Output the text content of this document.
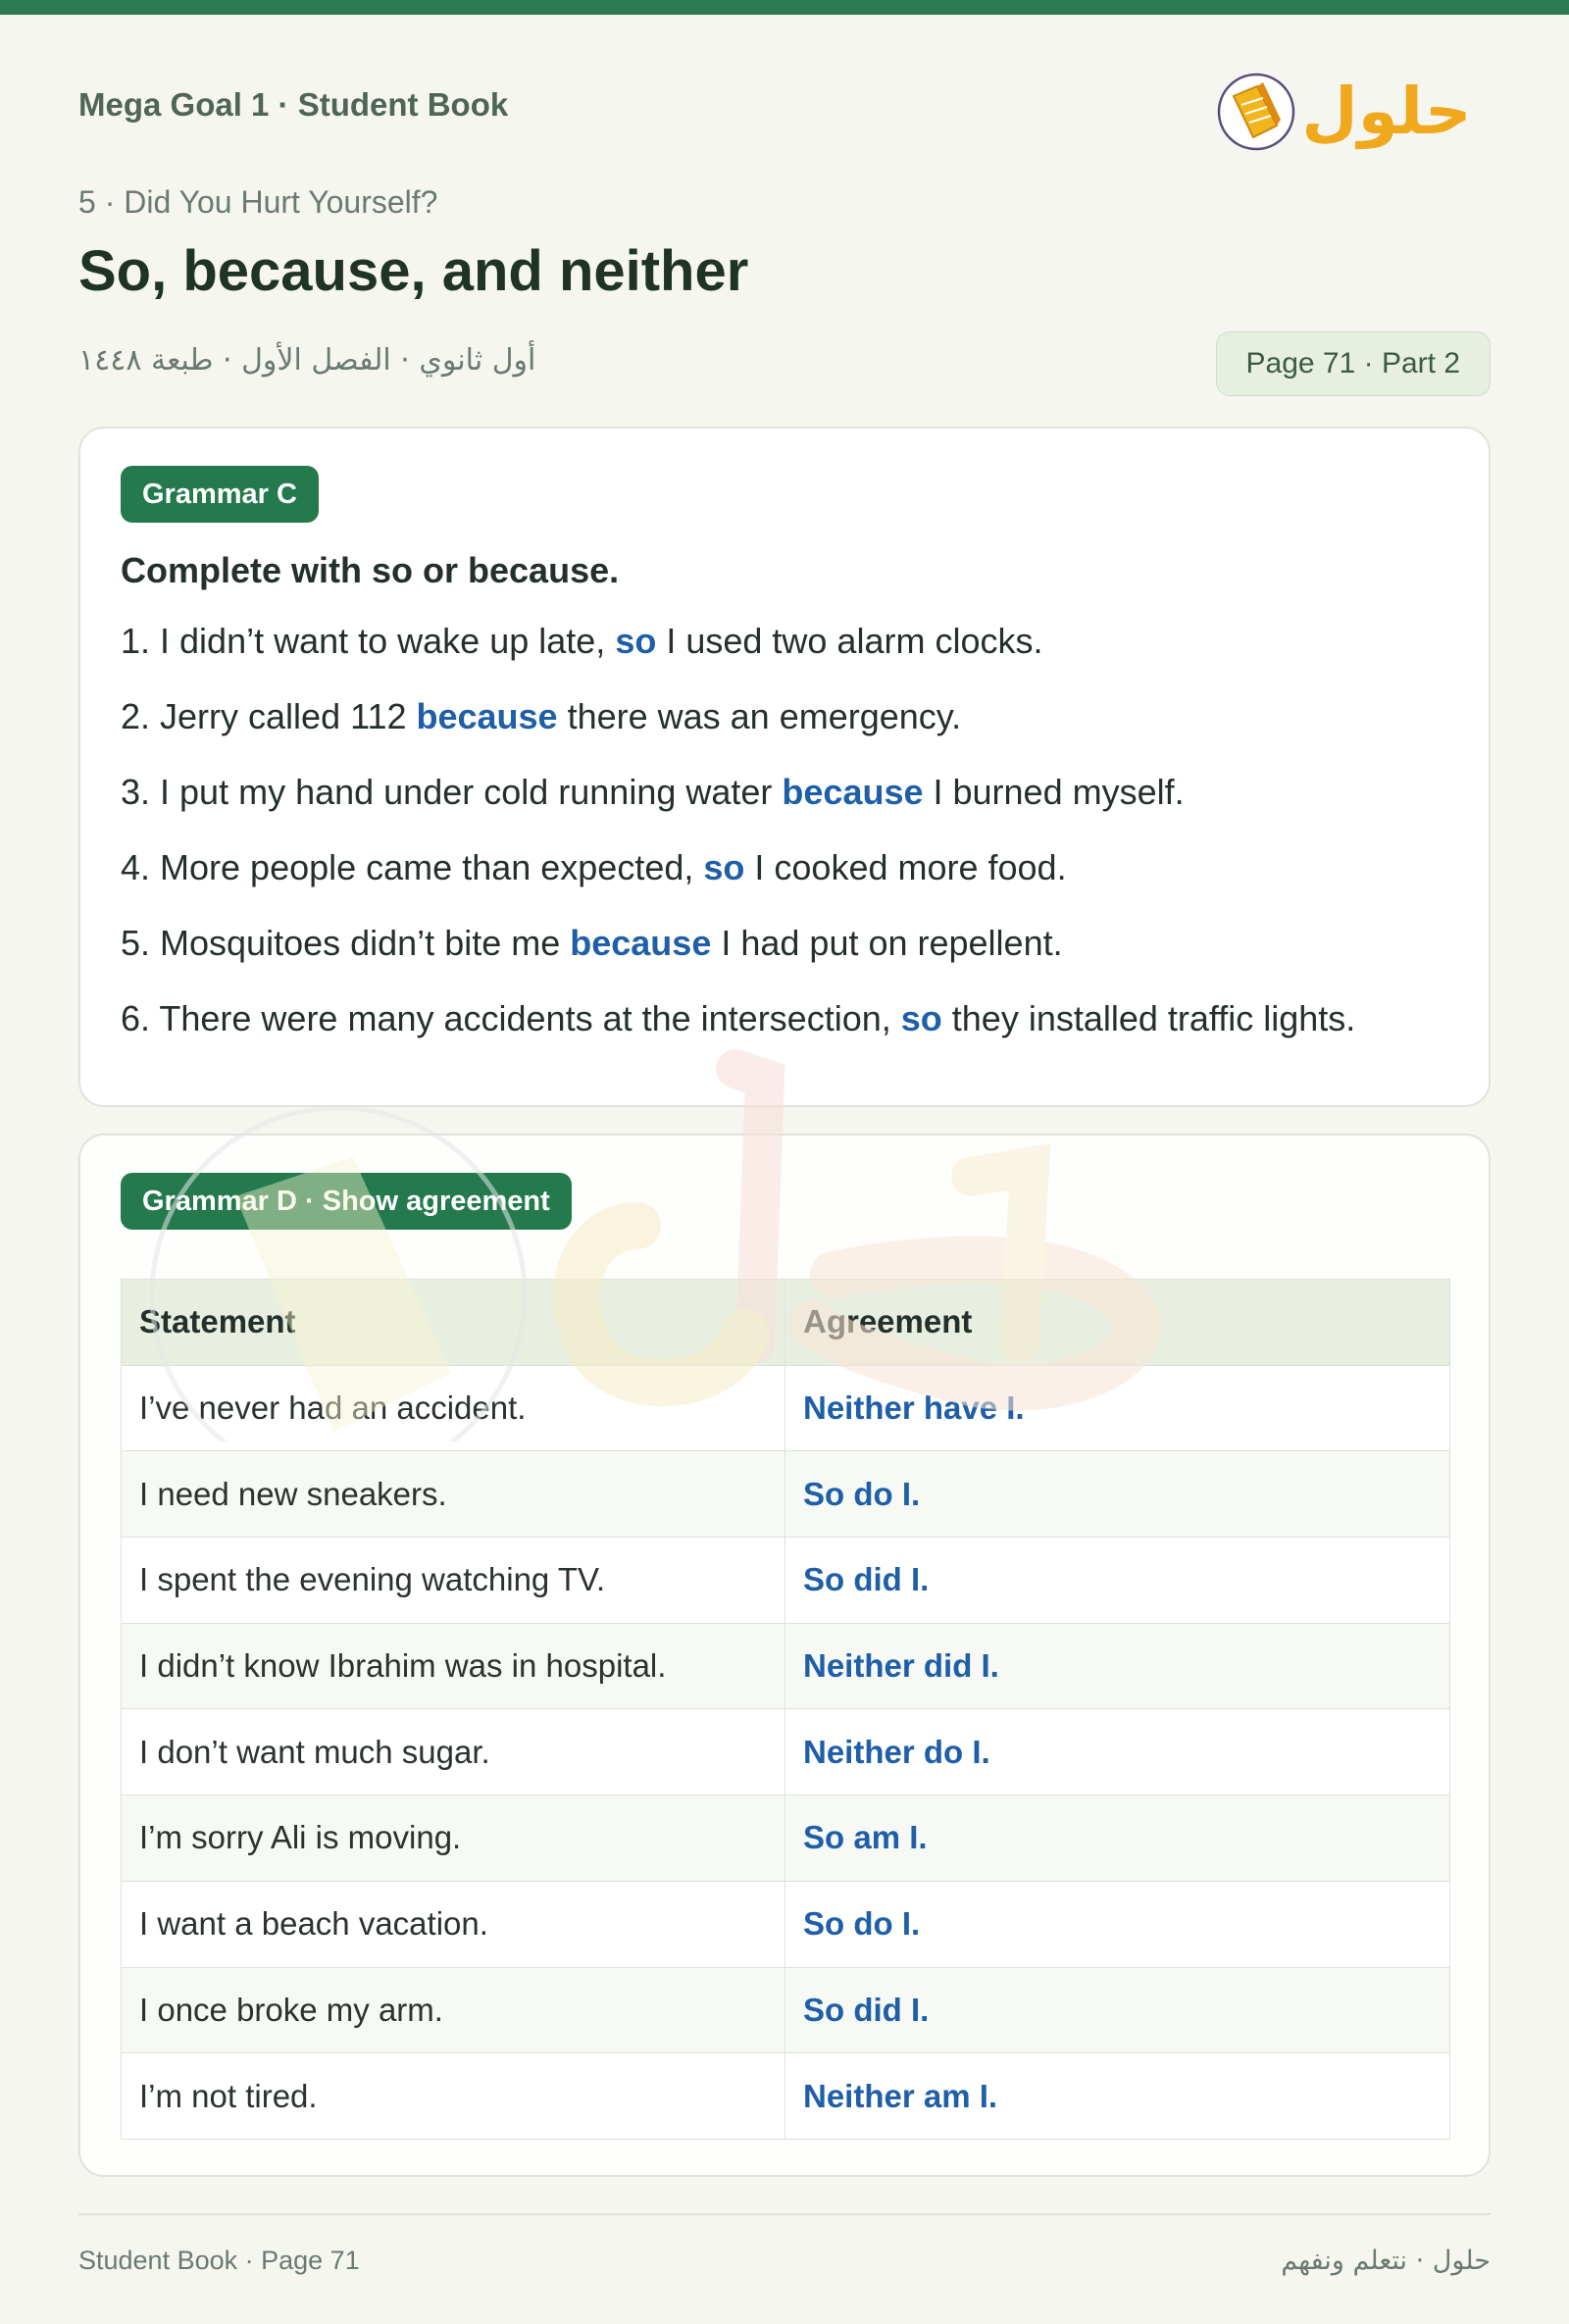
Mega Goal 1 · Student Book	حلول
5 · Did You Hurt Yourself?
So, because, and neither
أول ثانوي · الفصل الأول · طبعة ١٤٤٨	Page 71 · Part 2
Grammar C
Complete with so or because.
1. I didn’t want to wake up late, so I used two alarm clocks.
2. Jerry called 112 because there was an emergency.
3. I put my hand under cold running water because I burned myself.
4. More people came than expected, so I cooked more food.
5. Mosquitoes didn’t bite me because I had put on repellent.
6. There were many accidents at the intersection, so they installed traffic lights.
Grammar D · Show agreement
Statement	Agreement
I’ve never had an accident.	Neither have I.
I need new sneakers.	So do I.
I spent the evening watching TV.	So did I.
I didn’t know Ibrahim was in hospital.	Neither did I.
I don’t want much sugar.	Neither do I.
I’m sorry Ali is moving.	So am I.
I want a beach vacation.	So do I.
I once broke my arm.	So did I.
I’m not tired.	Neither am I.
Student Book · Page 71	حلول · نتعلم ونفهم
